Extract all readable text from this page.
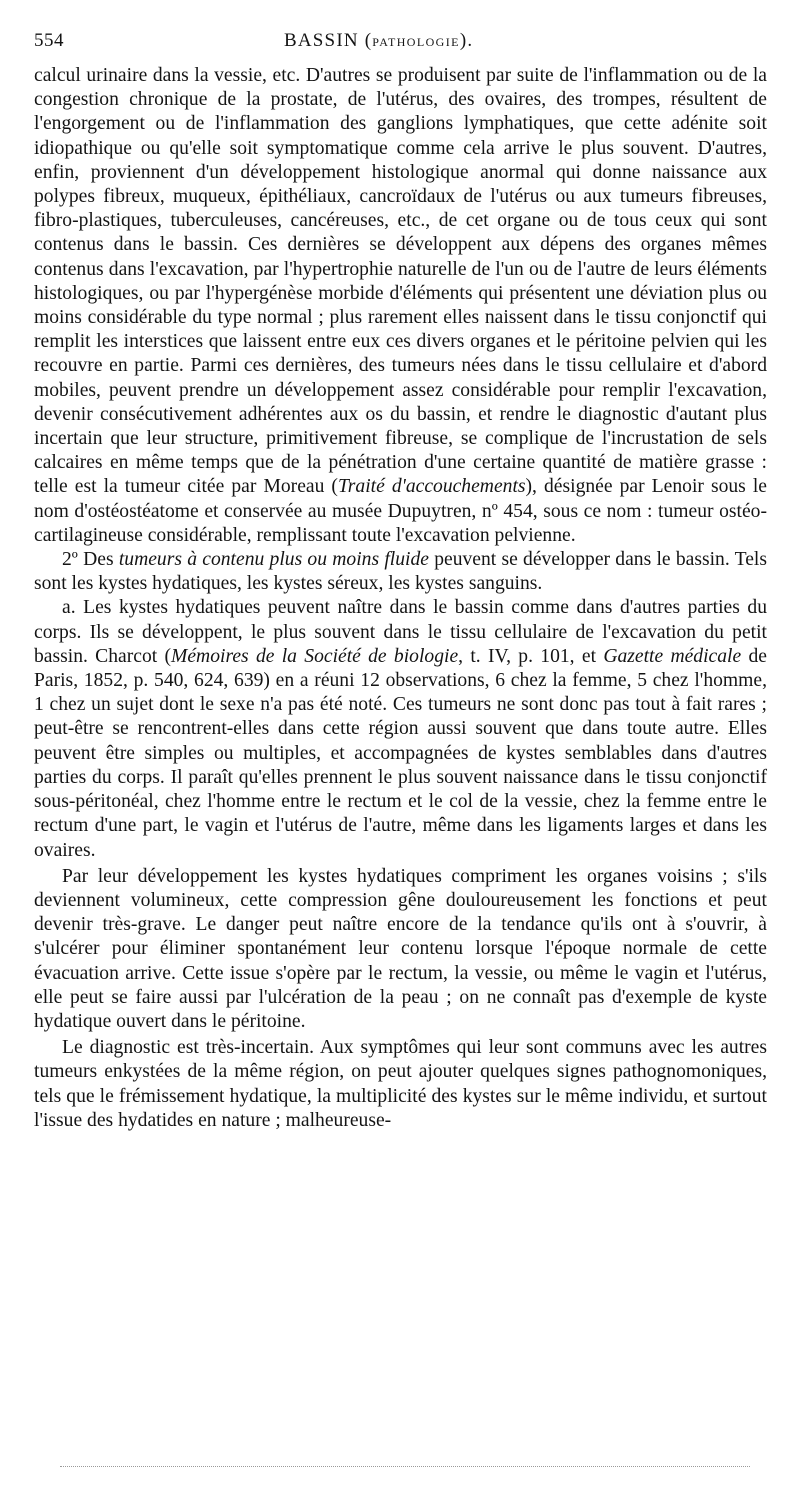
554	BASSIN (PATHOLOGIE).

calcul urinaire dans la vessie, etc. D'autres se produisent par suite de l'inflammation ou de la congestion chronique de la prostate, de l'utérus, des ovaires, des trompes, résultent de l'engorgement ou de l'inflammation des ganglions lymphatiques, que cette adénite soit idiopathique ou qu'elle soit symptomatique comme cela arrive le plus souvent. D'autres, enfin, proviennent d'un développement histologique anormal qui donne naissance aux polypes fibreux, muqueux, épithéliaux, cancroïdaux de l'utérus ou aux tumeurs fibreuses, fibro-plastiques, tuberculeuses, cancéreuses, etc., de cet organe ou de tous ceux qui sont contenus dans le bassin. Ces dernières se développent aux dépens des organes mêmes contenus dans l'excavation, par l'hypertrophie naturelle de l'un ou de l'autre de leurs éléments histologiques, ou par l'hypergénèse morbide d'éléments qui présentent une déviation plus ou moins considérable du type normal ; plus rarement elles naissent dans le tissu conjonctif qui remplit les interstices que laissent entre eux ces divers organes et le péritoine pelvien qui les recouvre en partie. Parmi ces dernières, des tumeurs nées dans le tissu cellulaire et d'abord mobiles, peuvent prendre un développement assez considérable pour remplir l'excavation, devenir consécutivement adhérentes aux os du bassin, et rendre le diagnostic d'autant plus incertain que leur structure, primitivement fibreuse, se complique de l'incrustation de sels calcaires en même temps que de la pénétration d'une certaine quantité de matière grasse : telle est la tumeur citée par Moreau (Traité d'accouchements), désignée par Lenoir sous le nom d'ostéostéatome et conservée au musée Dupuytren, nº 454, sous ce nom : tumeur ostéo-cartilagineuse considérable, remplissant toute l'excavation pelvienne.

2º Des tumeurs à contenu plus ou moins fluide peuvent se développer dans le bassin. Tels sont les kystes hydatiques, les kystes séreux, les kystes sanguins.

a. Les kystes hydatiques peuvent naître dans le bassin comme dans d'autres parties du corps. Ils se développent, le plus souvent dans le tissu cellulaire de l'excavation du petit bassin. Charcot (Mémoires de la Société de biologie, t. IV, p. 101, et Gazette médicale de Paris, 1852, p. 540, 624, 639) en a réuni 12 observations, 6 chez la femme, 5 chez l'homme, 1 chez un sujet dont le sexe n'a pas été noté. Ces tumeurs ne sont donc pas tout à fait rares ; peut-être se rencontrent-elles dans cette région aussi souvent que dans toute autre. Elles peuvent être simples ou multiples, et accompagnées de kystes semblables dans d'autres parties du corps. Il paraît qu'elles prennent le plus souvent naissance dans le tissu conjonctif sous-péritonéal, chez l'homme entre le rectum et le col de la vessie, chez la femme entre le rectum d'une part, le vagin et l'utérus de l'autre, même dans les ligaments larges et dans les ovaires.

Par leur développement les kystes hydatiques compriment les organes voisins ; s'ils deviennent volumineux, cette compression gêne douloureusement les fonctions et peut devenir très-grave. Le danger peut naître encore de la tendance qu'ils ont à s'ouvrir, à s'ulcérer pour éliminer spontanément leur contenu lorsque l'époque normale de cette évacuation arrive. Cette issue s'opère par le rectum, la vessie, ou même le vagin et l'utérus, elle peut se faire aussi par l'ulcération de la peau ; on ne connaît pas d'exemple de kyste hydatique ouvert dans le péritoine.

Le diagnostic est très-incertain. Aux symptômes qui leur sont communs avec les autres tumeurs enkystées de la même région, on peut ajouter quelques signes pathognomoniques, tels que le frémissement hydatique, la multiplicité des kystes sur le même individu, et surtout l'issue des hydatides en nature ; malheureuse-
